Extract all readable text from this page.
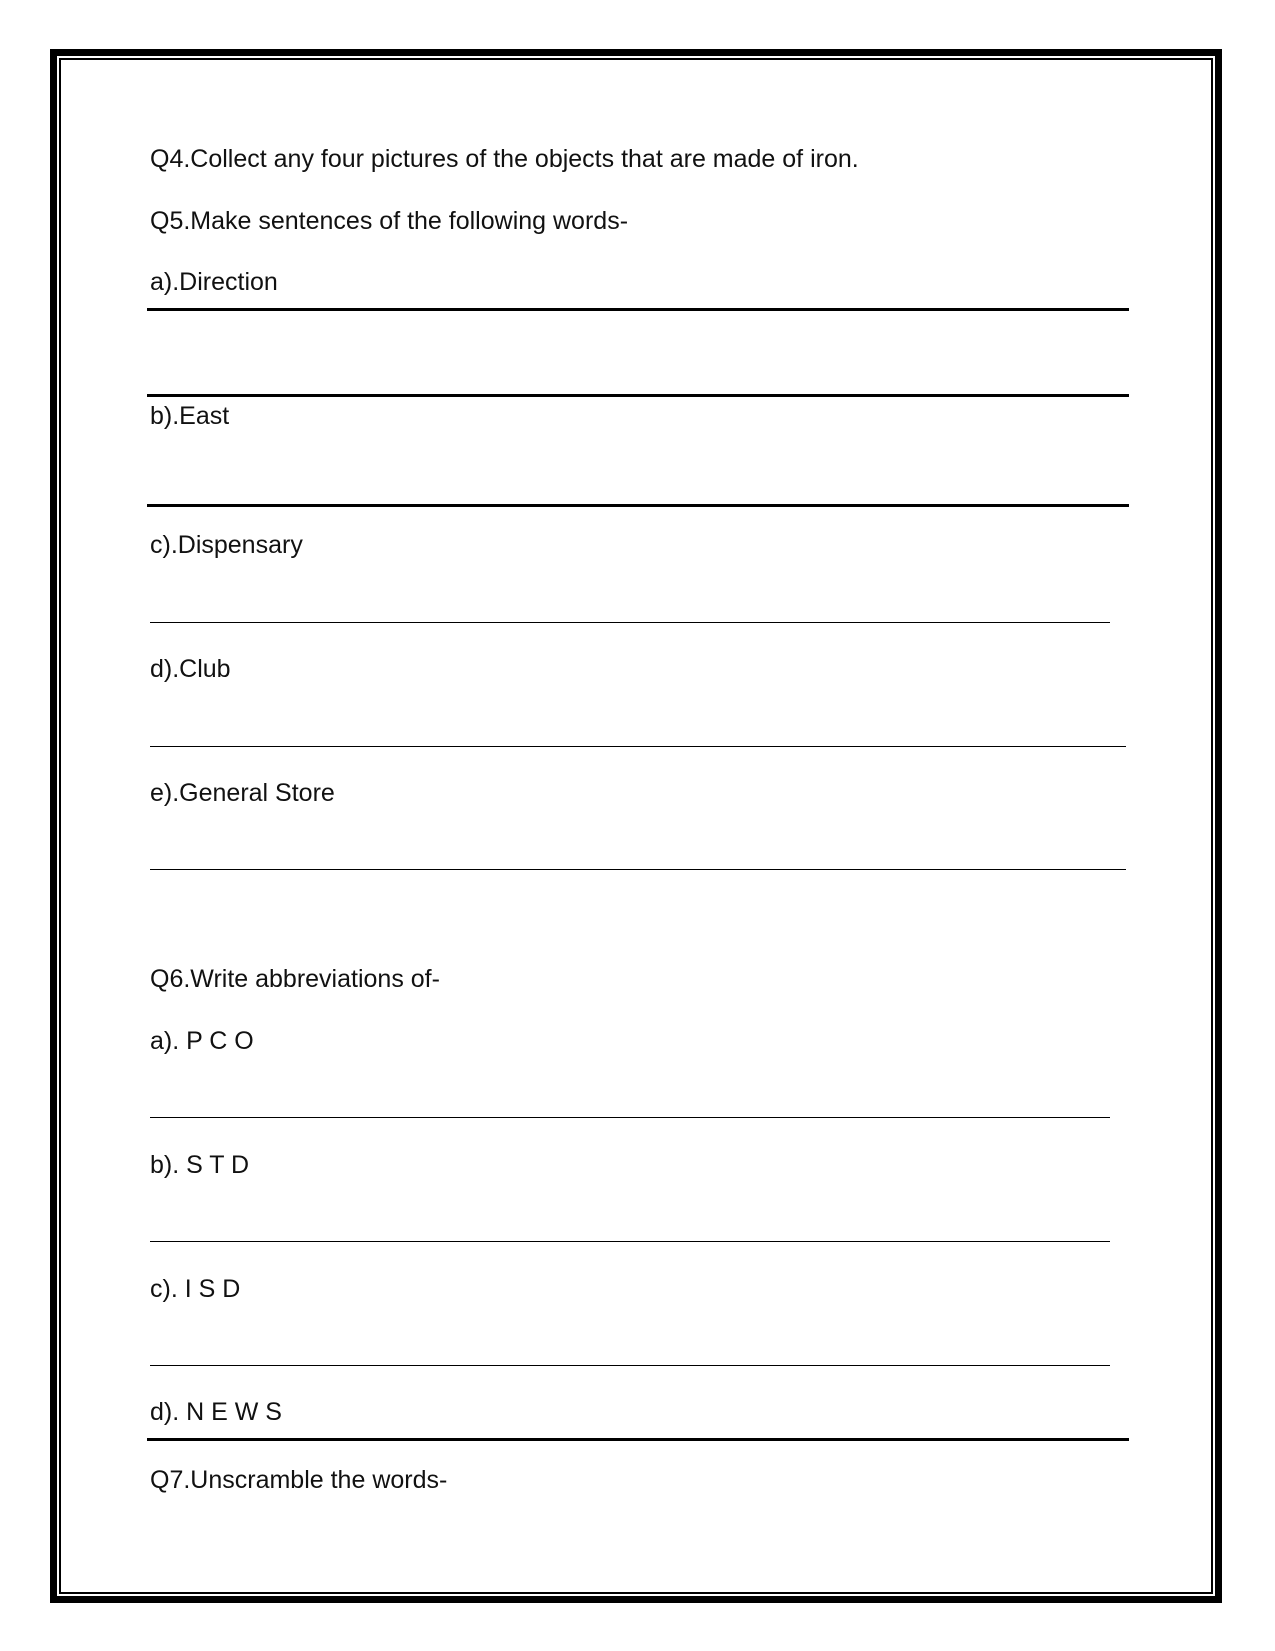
Q4.Collect any four pictures of the objects that are made of iron.
Q5.Make sentences of the following words-
a).Direction
b).East
c).Dispensary
d).Club
e).General Store
Q6.Write abbreviations of-
a). P C O
b). S T D
c). I S D
d). N E W S
Q7.Unscramble the words-
